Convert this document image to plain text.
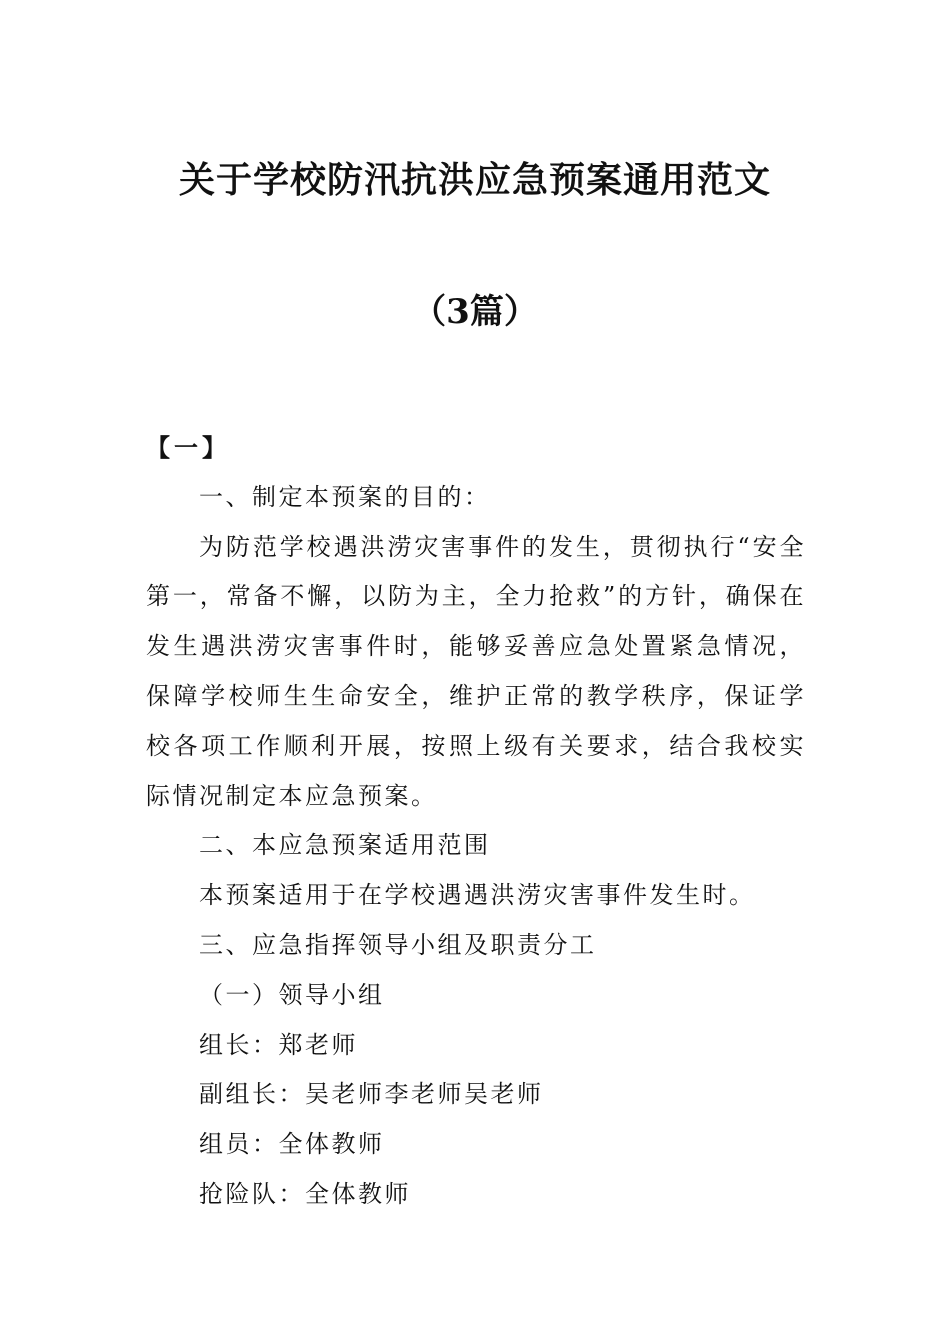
关于学校防汛抗洪应急预案通用范文
（3篇）

【一】

一、制定本预案的目的：

为防范学校遇洪涝灾害事件的发生，贯彻执行“安全第一，常备不懈，以防为主，全力抢救”的方针，确保在发生遇洪涝灾害事件时，能够妥善应急处置紧急情况，保障学校师生生命安全，维护正常的教学秩序，保证学校各项工作顺利开展，按照上级有关要求，结合我校实际情况制定本应急预案。

二、本应急预案适用范围

本预案适用于在学校遇遇洪涝灾害事件发生时。

三、应急指挥领导小组及职责分工

（一）领导小组

组长：郑老师

副组长：吴老师李老师吴老师

组员：全体教师

抢险队：全体教师
